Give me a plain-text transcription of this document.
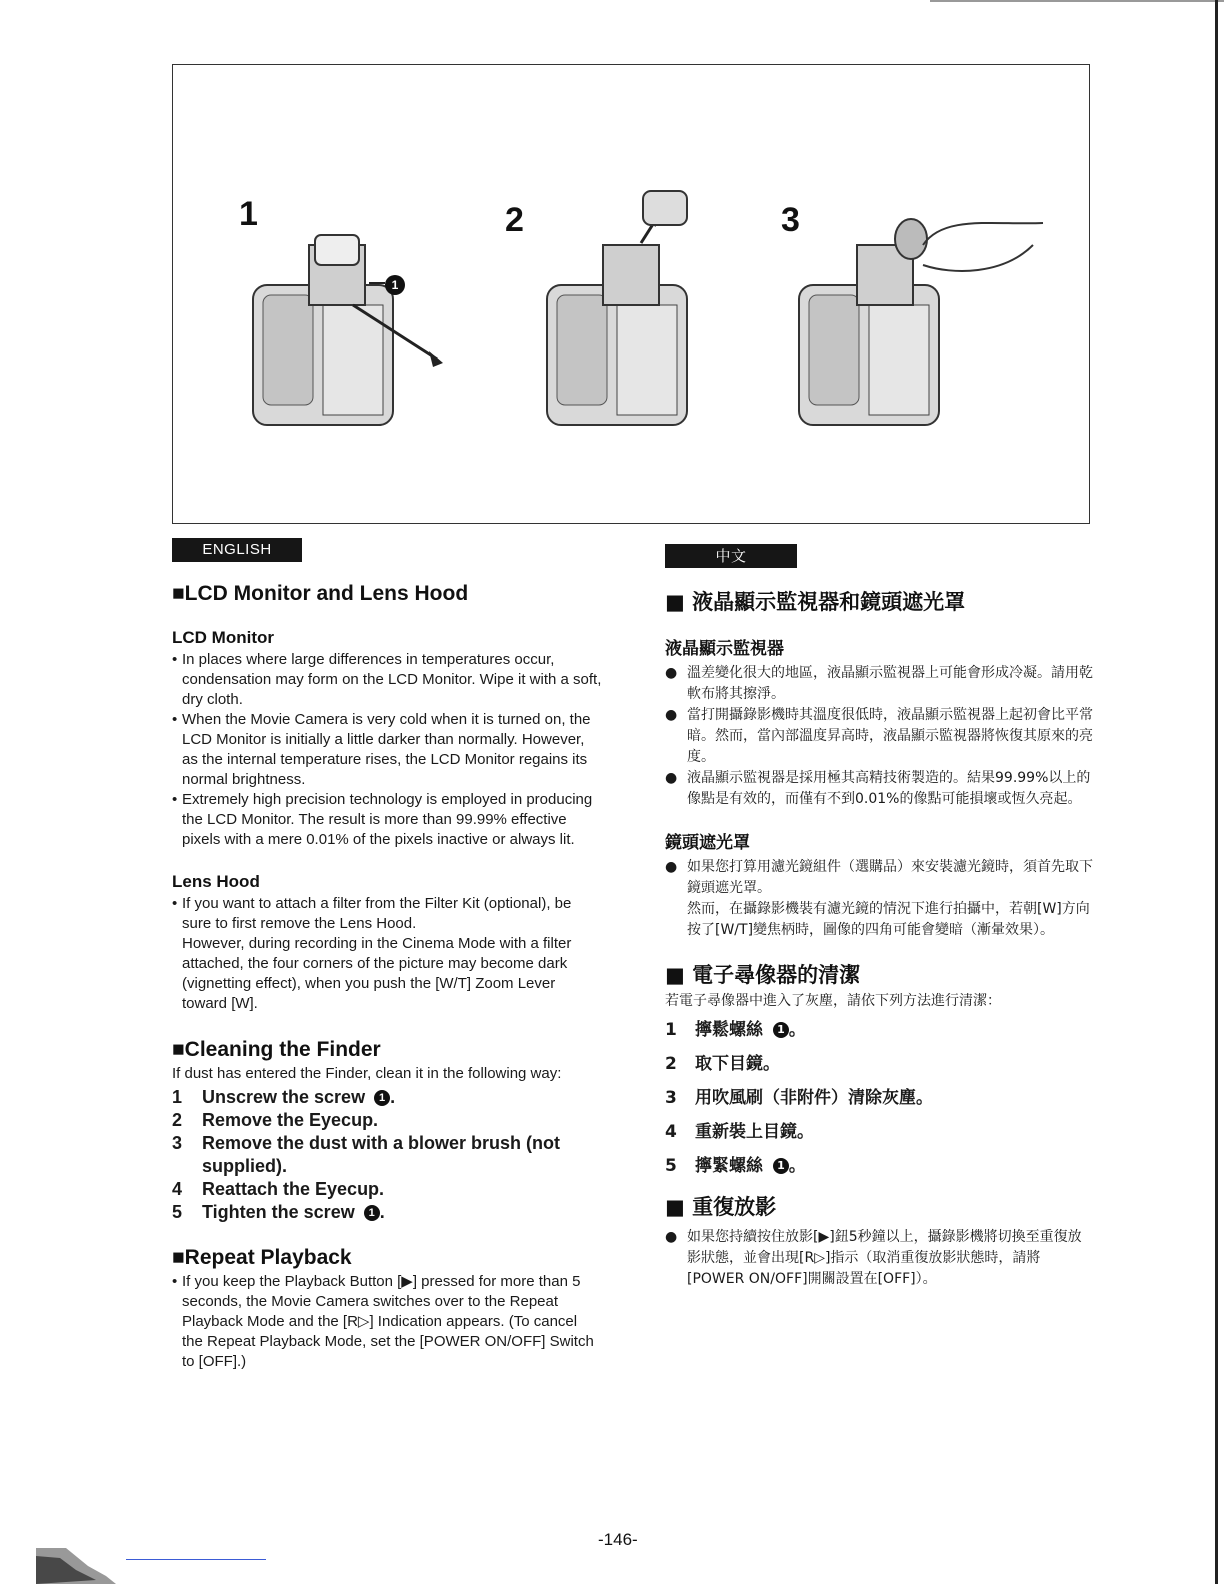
1	2	3
1
ENGLISH	中文
■LCD Monitor and Lens Hood
LCD Monitor
• In places where large differences in temperatures occur, condensation may form on the LCD Monitor. Wipe it with a soft, dry cloth.
• When the Movie Camera is very cold when it is turned on, the LCD Monitor is initially a little darker than normally. However, as the internal temperature rises, the LCD Monitor regains its normal brightness.
• Extremely high precision technology is employed in producing the LCD Monitor. The result is more than 99.99% effective pixels with a mere 0.01% of the pixels inactive or always lit.
Lens Hood
• If you want to attach a filter from the Filter Kit (optional), be sure to first remove the Lens Hood.

However, during recording in the Cinema Mode with a filter attached, the four corners of the picture may become dark (vignetting effect), when you push the [W/T] Zoom Lever toward [W].

■Cleaning the Finder

If dust has entered the Finder, clean it in the following way:

1	Unscrew the screw 1 .
2	Remove the Eyecup.
3	Remove the dust with a blower brush (not supplied).
4	Reattach the Eyecup.
5	Tighten the screw 1 .
■Repeat Playback
• If you keep the Playback Button [▶] pressed for more than 5 seconds, the Movie Camera switches over to the Repeat Playback Mode and the [R▷] Indication appears. (To cancel the Repeat Playback Mode, set the [POWER ON/OFF] Switch to [OFF].)
■ 液晶顯示監視器和鏡頭遮光罩
液晶顯示監視器
● 溫差變化很大的地區，液晶顯示監視器上可能會形成冷凝。請用乾軟布將其擦淨。
● 當打開攝錄影機時其溫度很低時，液晶顯示監視器上起初會比平常暗。然而，當內部溫度昇高時，液晶顯示監視器將恢復其原來的亮度。
● 液晶顯示監視器是採用極其高精技術製造的。結果99.99%以上的像點是有效的，而僅有不到0.01%的像點可能損壞或恆久亮起。
鏡頭遮光罩
● 如果您打算用濾光鏡組件（選購品）來安裝濾光鏡時，須首先取下鏡頭遮光罩。

然而，在攝錄影機裝有濾光鏡的情況下進行拍攝中，若朝[W]方向按了[W/T]變焦柄時，圖像的四角可能會變暗（漸暈效果）。

■ 電子尋像器的清潔

若電子尋像器中進入了灰塵，請依下列方法進行清潔：

1	擰鬆螺絲 1 。
2	取下目鏡。
3	用吹風刷（非附件）清除灰塵。
4	重新裝上目鏡。
5	擰緊螺絲 1 。
■ 重復放影
● 如果您持續按住放影[▶]鈕5秒鐘以上，攝錄影機將切換至重復放影狀態，並會出現[R▷]指示（取消重復放影狀態時，請將[POWER ON/OFF]開關設置在[OFF]）。
-146-
